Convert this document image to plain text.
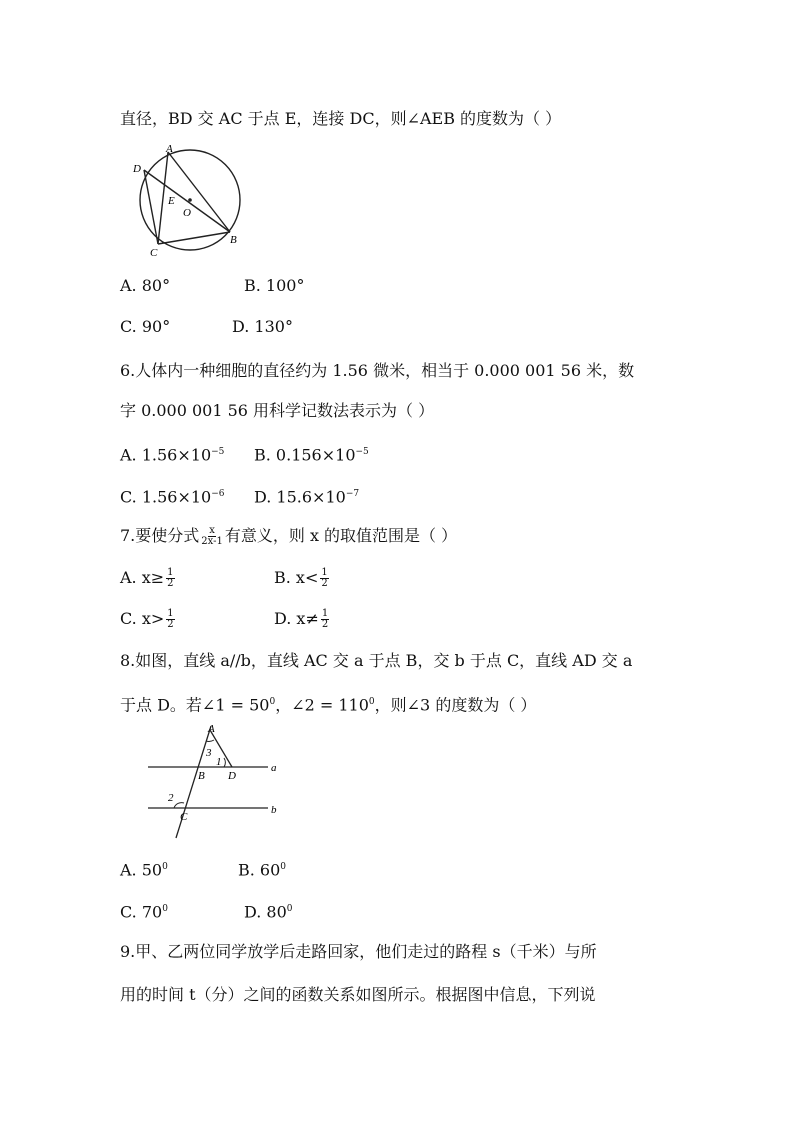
直径，BD 交 AC 于点 E，连接 DC，则∠AEB 的度数为（ ）
A
D
E
O
C
B
A. 80°	B. 100°
C. 90°	D. 130°
6.人体内一种细胞的直径约为 1.56 微米，相当于 0.000 001 56 米，数
字 0.000 001 56 用科学记数法表示为（ ）
A. $1.56\times 10^{-5}$ B. $0.156\times 10^{-5}$
C. $1.56\times 10^{-6}$ D. $15.6\times 10^{-7}$
7.要使分式 $\frac{x}{2x-1}$ 有意义，则 x 的取值范围是（ ）
A. $x\ge \frac{1}{2}$	B. $x< \frac{1}{2}$
C. $x> \frac{1}{2}$	D. $x\ne \frac{1}{2}$
8.如图，直线 a//b，直线 AC 交 a 于点 B，交 b 于点 C，直线 AD 交 a
于点 D。若∠1 = $50^0$，∠2 = $110^0$，则∠3 的度数为（ ）
A
3
1
B D
a
2
b
C
A. $50^0$	B. $60^0$
C. $70^0$	D. $80^0$
9.甲、乙两位同学放学后走路回家，他们走过的路程 s（千米）与所
用的时间 t（分）之间的函数关系如图所示。根据图中信息，下列说
